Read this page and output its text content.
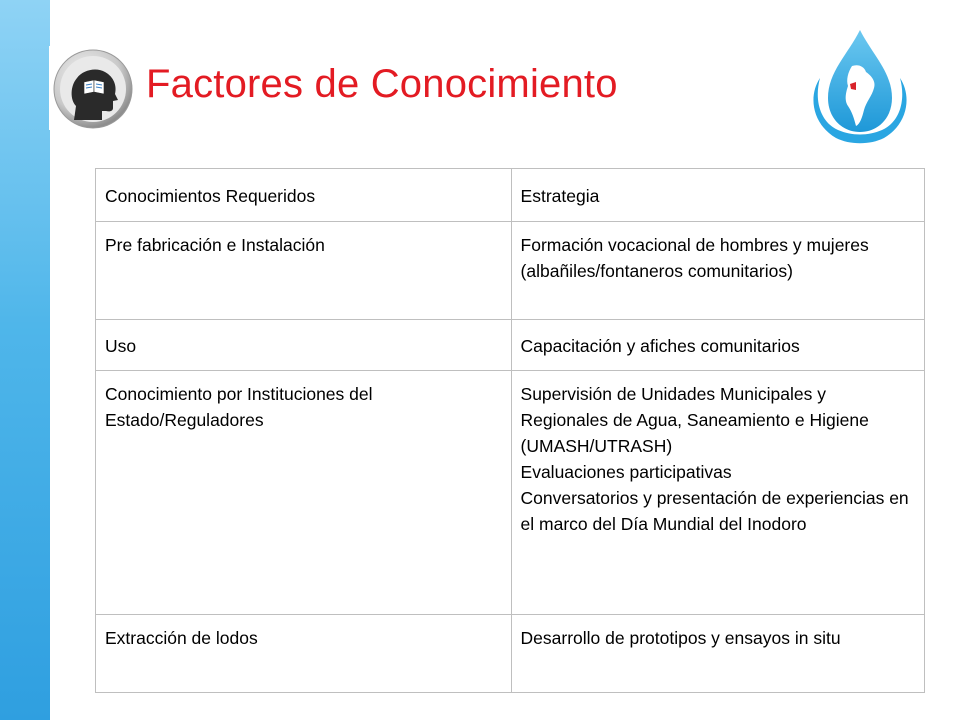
Factores de Conocimiento
Conocimientos Requeridos	Estrategia
Pre fabricación e Instalación	Formación vocacional de hombres y mujeres (albañiles/fontaneros comunitarios)

Uso	Capacitación y afiches comunitarios

Conocimiento por Instituciones del Estado/Reguladores	Supervisión de Unidades Municipales y Regionales de Agua, Saneamiento e Higiene (UMASH/UTRASH)
Evaluaciones participativas
Conversatorios y presentación de experiencias en el marco del Día Mundial del Inodoro

Extracción de lodos	Desarrollo de prototipos y ensayos in situ
